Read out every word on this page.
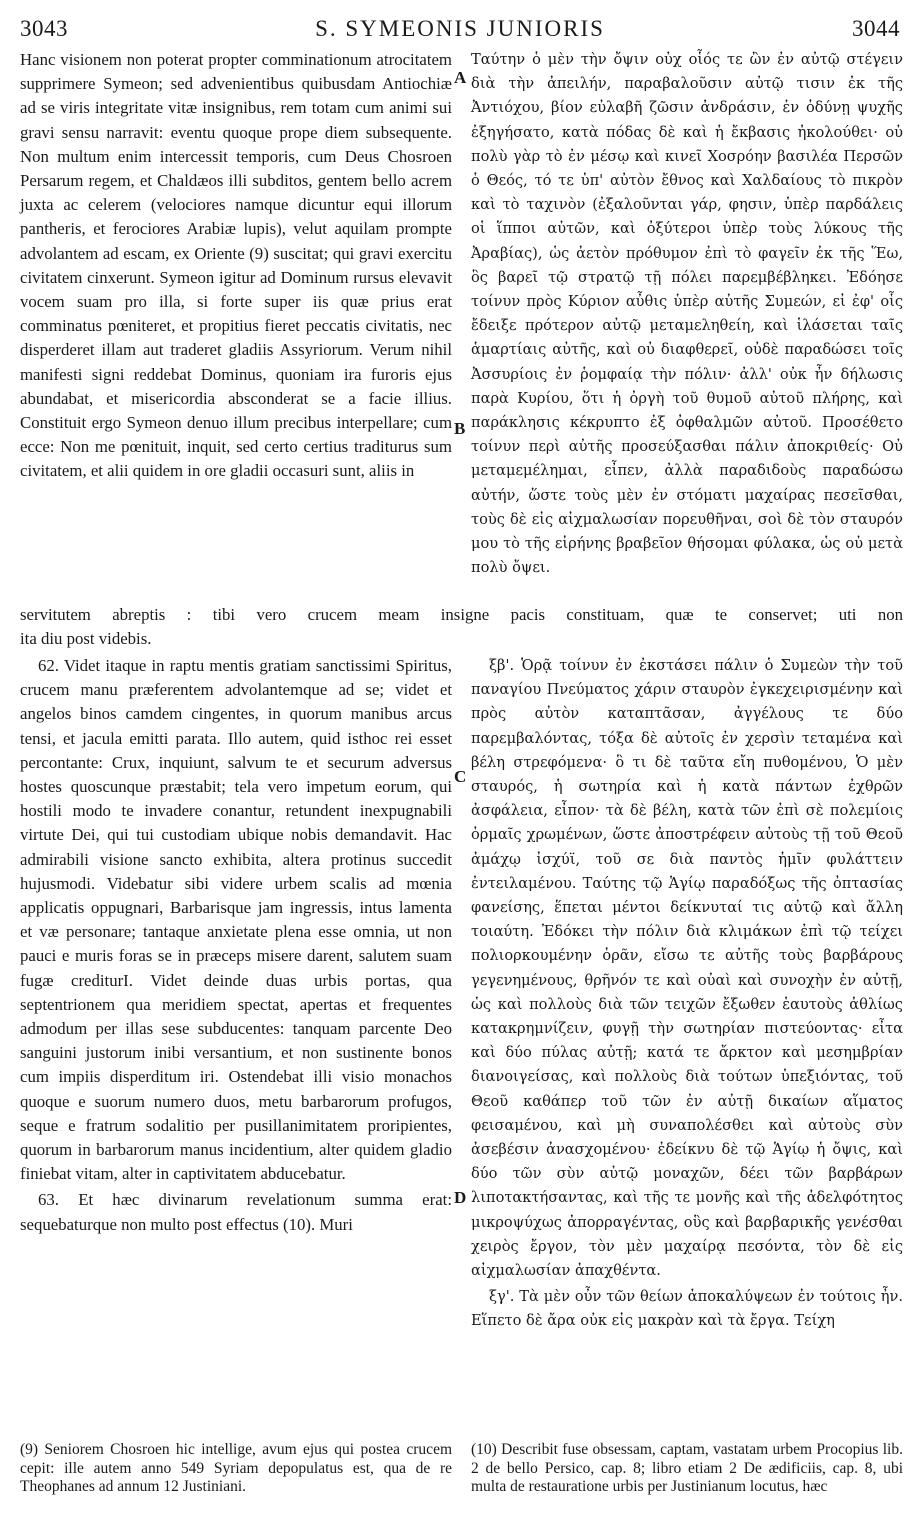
3043	S. SYMEONIS JUNIORIS	3044
A
B
C
D

Hanc visionem non poterat propter comminationum atrocitatem supprimere Symeon; sed advenientibus quibusdam Antiochiæ ad se viris integritate vitæ insignibus, rem totam cum animi sui gravi sensu narravit: eventu quoque prope diem subsequente. Non multum enim intercessit temporis, cum Deus Chosroen Persarum regem, et Chaldæos illi subditos, gentem bello acrem juxta ac celerem (velociores namque dicuntur equi illorum pantheris, et ferociores Arabiæ lupis), velut aquilam prompte advolantem ad escam, ex Oriente (9) suscitat; qui gravi exercitu civitatem cinxerunt. Symeon igitur ad Dominum rursus elevavit vocem suam pro illa, si forte super iis quæ prius erat comminatus pœniteret, et propitius fieret peccatis civitatis, nec disperderet illam aut traderet gladiis Assyriorum. Verum nihil manifesti signi reddebat Dominus, quoniam ira furoris ejus abundabat, et misericordia absconderat se a facie illius. Constituit ergo Symeon denuo illum precibus interpellare; cum ecce: Non me pœnituit, inquit, sed certo certius traditurus sum civitatem, et alii quidem in ore gladii occasuri sunt, aliis in

Ταύτην ὁ μὲν τὴν ὄψιν οὐχ οἷός τε ὢν ἐν αὐτῷ στέγειν διὰ τὴν ἀπειλήν, παραβαλοῦσιν αὐτῷ τισιν ἐκ τῆς Ἀντιόχου, βίον εὐλαβῆ ζῶσιν ἀνδράσιν, ἐν ὀδύνῃ ψυχῆς ἐξηγήσατο, κατὰ πόδας δὲ καὶ ἡ ἔκβασις ἠκολούθει· οὐ πολὺ γὰρ τὸ ἐν μέσῳ καὶ κινεῖ Χοσρόην βασιλέα Περσῶν ὁ Θεός, τό τε ὑπ' αὐτὸν ἔθνος καὶ Χαλδαίους τὸ πικρὸν καὶ τὸ ταχινὸν (ἐξαλοῦνται γάρ, φησιν, ὑπὲρ παρδάλεις οἱ ἵπποι αὐτῶν, καὶ ὀξύτεροι ὑπὲρ τοὺς λύκους τῆς Ἀραβίας), ὡς ἀετὸν πρόθυμον ἐπὶ τὸ φαγεῖν ἐκ τῆς Ἕω, ὃς βαρεῖ τῷ στρατῷ τῇ πόλει παρεμβέβληκει. Ἐδόησε τοίνυν πρὸς Κύριον αὖθις ὑπὲρ αὐτῆς Συμεών, εἰ ἐφ' οἷς ἔδειξε πρότερον αὐτῷ μεταμεληθείη, καὶ ἱλάσεται ταῖς ἁμαρτίαις αὐτῆς, καὶ οὐ διαφθερεῖ, οὐδὲ παραδώσει τοῖς Ἀσσυρίοις ἐν ῥομφαίᾳ τὴν πόλιν· ἀλλ' οὐκ ἦν δήλωσις παρὰ Κυρίου, ὅτι ἡ ὀργὴ τοῦ θυμοῦ αὐτοῦ πλήρης, καὶ παράκλησις κέκρυπτο ἐξ ὀφθαλμῶν αὐτοῦ. Προσέθετο τοίνυν περὶ αὐτῆς προσεύξασθαι πάλιν ἀποκριθείς· Οὐ μεταμεμέλημαι, εἶπεν, ἀλλὰ παραδιδοὺς παραδώσω αὐτήν, ὥστε τοὺς μὲν ἐν στόματι μαχαίρας πεσεῖσθαι, τοὺς δὲ εἰς αἰχμαλωσίαν πορευθῆναι, σοὶ δὲ τὸν σταυρόν μου τὸ τῆς εἰρήνης βραβεῖον θήσομαι φύλακα, ὡς οὐ μετὰ πολὺ ὄψει.

servitutem abreptis : tibi vero crucem meam insigne pacis constituam, quæ te conservet; uti non
ita diu post videbis.

62. Videt itaque in raptu mentis gratiam sanctissimi Spiritus, crucem manu præferentem advolantemque ad se; videt et angelos binos camdem cingentes, in quorum manibus arcus tensi, et jacula emitti parata. Illo autem, quid isthoc rei esset percontante: Crux, inquiunt, salvum te et securum adversus hostes quoscunque præstabit; tela vero impetum eorum, qui hostili modo te invadere conantur, retundent inexpugnabili virtute Dei, qui tui custodiam ubique nobis demandavit. Hac admirabili visione sancto exhibita, altera protinus succedit hujusmodi. Videbatur sibi videre urbem scalis ad mœnia applicatis oppugnari, Barbarisque jam ingressis, intus lamenta et væ personare; tantaque anxietate plena esse omnia, ut non pauci e muris foras se in præceps misere darent, salutem suam fugæ crediturI. Videt deinde duas urbis portas, qua septentrionem qua meridiem spectat, apertas et frequentes admodum per illas sese subducentes: tanquam parcente Deo sanguini justorum inibi versantium, et non sustinente bonos cum impiis disperditum iri. Ostendebat illi visio monachos quoque e suorum numero duos, metu barbarorum profugos, seque e fratrum sodalitio per pusillanimitatem proripientes, quorum in barbarorum manus incidentium, alter quidem gladio finiebat vitam, alter in captivitatem abducebatur.

63. Et hæc divinarum revelationum summa erat: sequebaturque non multo post effectus (10). Muri

ξβ'. Ὁρᾷ τοίνυν ἐν ἐκστάσει πάλιν ὁ Συμεὼν τὴν τοῦ παναγίου Πνεύματος χάριν σταυρὸν ἐγκεχειρισμένην καὶ πρὸς αὐτὸν καταπτᾶσαν, ἀγγέλους τε δύο παρεμβαλόντας, τόξα δὲ αὐτοῖς ἐν χερσὶν τεταμένα καὶ βέλη στρεφόμενα· ὃ τι δὲ ταῦτα εἴη πυθομένου, Ὁ μὲν σταυρός, ἡ σωτηρία καὶ ἡ κατὰ πάντων ἐχθρῶν ἀσφάλεια, εἶπον· τὰ δὲ βέλη, κατὰ τῶν ἐπὶ σὲ πολεμίοις ὁρμαῖς χρωμένων, ὥστε ἀποστρέφειν αὐτοὺς τῇ τοῦ Θεοῦ ἀμάχῳ ἰσχύϊ, τοῦ σε διὰ παντὸς ἡμῖν φυλάττειν ἐντειλαμένου. Ταύτης τῷ Ἁγίῳ παραδόξως τῆς ὀπτασίας φανείσης, ἕπεται μέντοι δείκνυταί τις αὐτῷ καὶ ἄλλη τοιαύτη. Ἐδόκει τὴν πόλιν διὰ κλιμάκων ἐπὶ τῷ τείχει πολιορκουμένην ὁρᾶν, εἴσω τε αὐτῆς τοὺς βαρβάρους γεγενημένους, θρῆνόν τε καὶ οὐαὶ καὶ συνοχὴν ἐν αὐτῇ, ὡς καὶ πολλοὺς διὰ τῶν τειχῶν ἔξωθεν ἑαυτοὺς ἀθλίως κατακρημνίζειν, φυγῇ τὴν σωτηρίαν πιστεύοντας· εἶτα καὶ δύο πύλας αὐτῇ; κατά τε ἄρκτον καὶ μεσημβρίαν διανοιγείσας, καὶ πολλοὺς διὰ τούτων ὑπεξιόντας, τοῦ Θεοῦ καθάπερ τοῦ τῶν ἐν αὐτῇ δικαίων αἵματος φεισαμένου, καὶ μὴ συναπολέσθει καὶ αὐτοὺς σὺν ἀσεβέσιν ἀνασχομένου· ἐδείκνυ δὲ τῷ Ἁγίῳ ἡ ὄψις, καὶ δύο τῶν σὺν αὐτῷ μοναχῶν, δέει τῶν βαρβάρων λιποτακτήσαντας, καὶ τῆς τε μονῆς καὶ τῆς ἀδελφότητος μικροψύχως ἀπορραγέντας, οὓς καὶ βαρβαρικῆς γενέσθαι χειρὸς ἔργον, τὸν μὲν μαχαίρᾳ πεσόντα, τὸν δὲ εἰς αἰχμαλωσίαν ἀπαχθέντα.

ξγ'. Τὰ μὲν οὖν τῶν θείων ἀποκαλύψεων ἐν τούτοις ἦν. Εἵπετο δὲ ἄρα οὐκ εἰς μακρὰν καὶ τὰ ἔργα. Τείχη

(9) Seniorem Chosroen hic intellige, avum ejus qui postea crucem cepit: ille autem anno 549 Syriam depopulatus est, qua de re Theophanes ad annum 12 Justiniani.
(10) Describit fuse obsessam, captam, vastatam urbem Procopius lib. 2 de bello Persico, cap. 8; libro etiam 2 De ædificiis, cap. 8, ubi multa de restauratione urbis per Justinianum locutus, hæc
